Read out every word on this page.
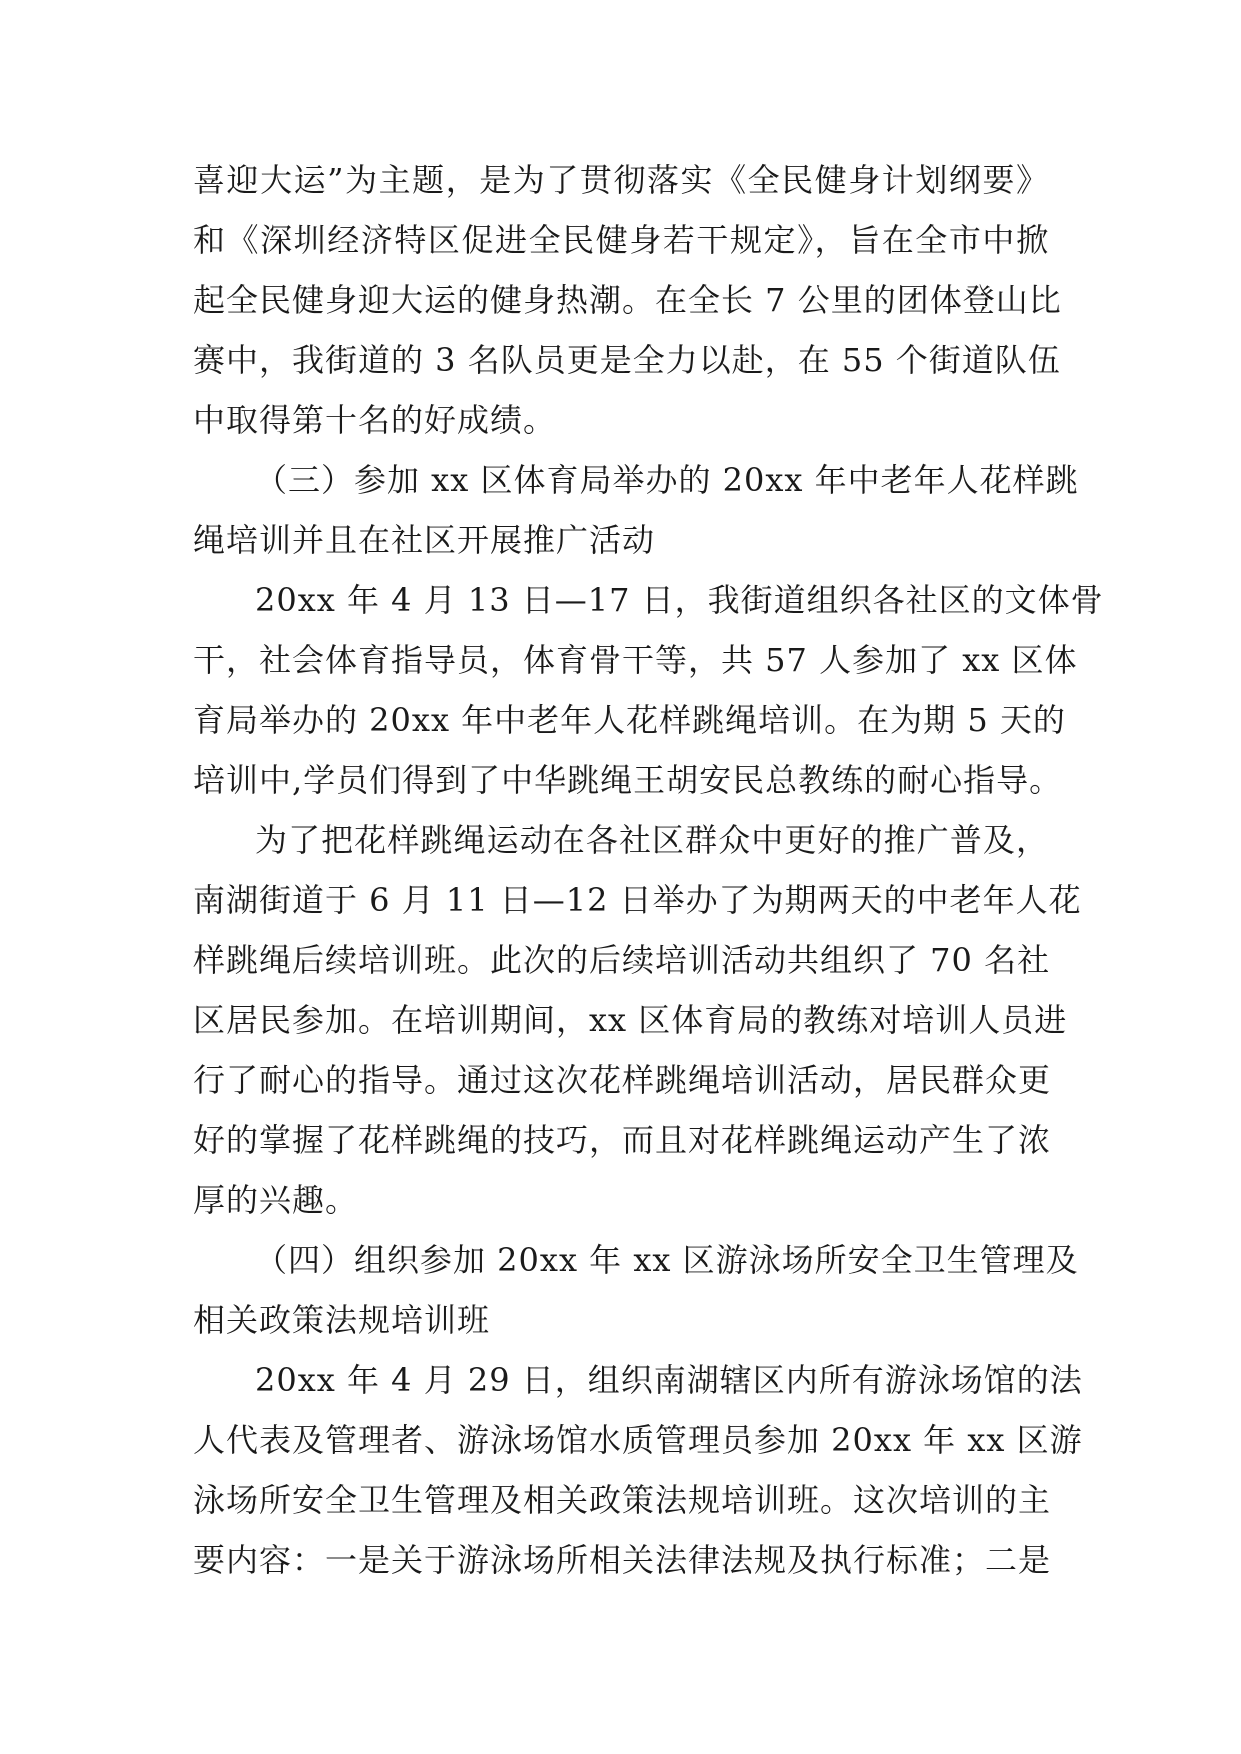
喜迎大运”为主题，是为了贯彻落实《全民健身计划纲要》
和《深圳经济特区促进全民健身若干规定》，旨在全市中掀
起全民健身迎大运的健身热潮。在全长 7 公里的团体登山比
赛中，我街道的 3 名队员更是全力以赴，在 55 个街道队伍
中取得第十名的好成绩。
（三）参加 xx 区体育局举办的 20xx 年中老年人花样跳
绳培训并且在社区开展推广活动
20xx 年 4 月 13 日—17 日，我街道组织各社区的文体骨
干，社会体育指导员，体育骨干等，共 57 人参加了 xx 区体
育局举办的 20xx 年中老年人花样跳绳培训。在为期 5 天的
培训中,学员们得到了中华跳绳王胡安民总教练的耐心指导。
为了把花样跳绳运动在各社区群众中更好的推广普及，
南湖街道于 6 月 11 日—12 日举办了为期两天的中老年人花
样跳绳后续培训班。此次的后续培训活动共组织了 70 名社
区居民参加。在培训期间，xx 区体育局的教练对培训人员进
行了耐心的指导。通过这次花样跳绳培训活动，居民群众更
好的掌握了花样跳绳的技巧，而且对花样跳绳运动产生了浓
厚的兴趣。
（四）组织参加 20xx 年 xx 区游泳场所安全卫生管理及
相关政策法规培训班
20xx 年 4 月 29 日，组织南湖辖区内所有游泳场馆的法
人代表及管理者、游泳场馆水质管理员参加 20xx 年 xx 区游
泳场所安全卫生管理及相关政策法规培训班。这次培训的主
要内容：一是关于游泳场所相关法律法规及执行标准；二是
